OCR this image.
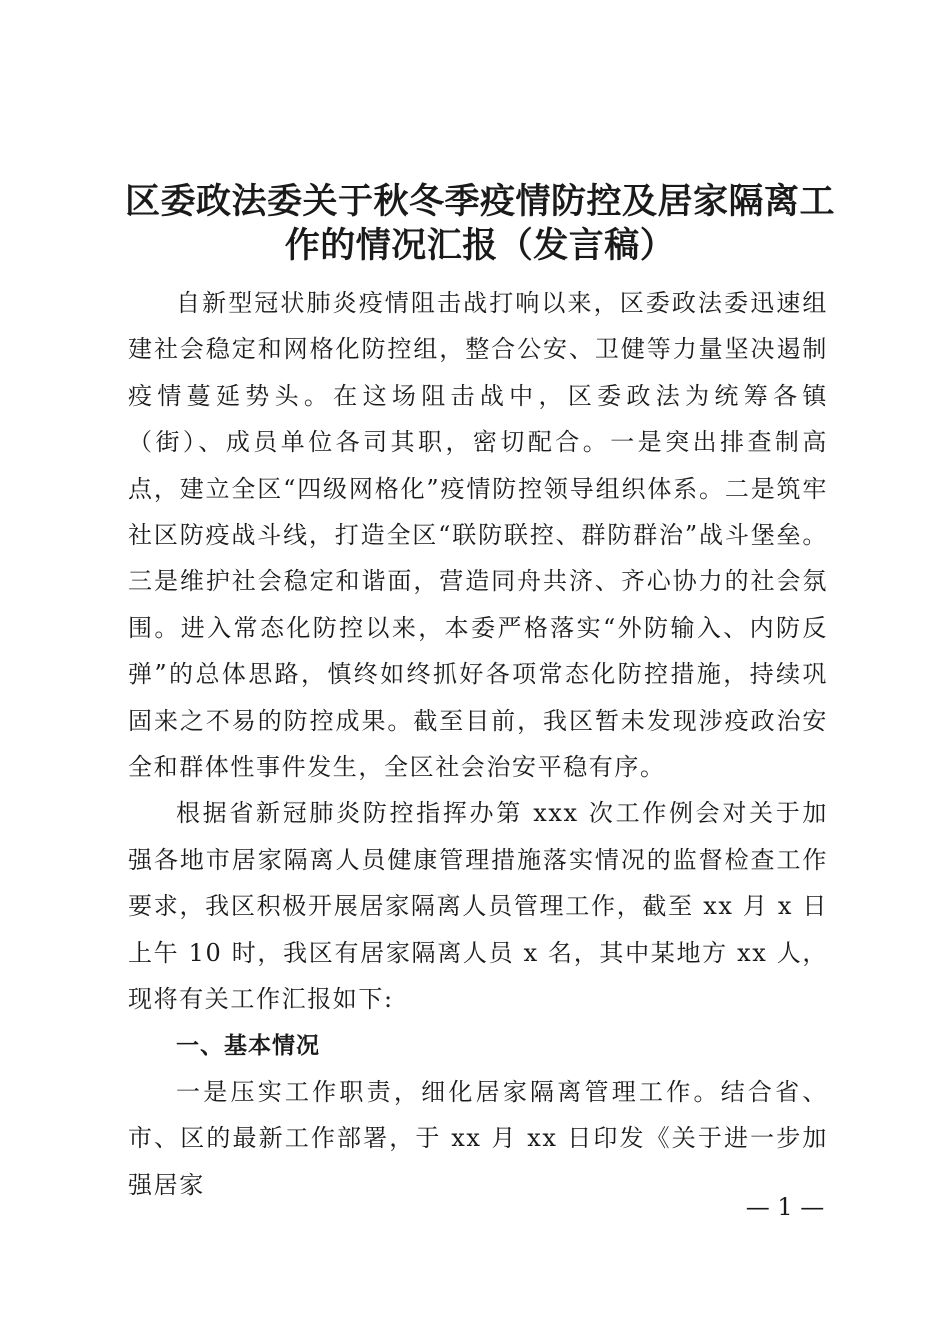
区委政法委关于秋冬季疫情防控及居家隔离工作的情况汇报（发言稿）

自新型冠状肺炎疫情阻击战打响以来，区委政法委迅速组建社会稳定和网格化防控组，整合公安、卫健等力量坚决遏制疫情蔓延势头。在这场阻击战中，区委政法为统筹各镇（街）、成员单位各司其职，密切配合。一是突出排查制高点，建立全区“四级网格化”疫情防控领导组织体系。二是筑牢社区防疫战斗线，打造全区“联防联控、群防群治”战斗堡垒。三是维护社会稳定和谐面，营造同舟共济、齐心协力的社会氛围。进入常态化防控以来，本委严格落实“外防输入、内防反弹”的总体思路，慎终如终抓好各项常态化防控措施，持续巩固来之不易的防控成果。截至目前，我区暂未发现涉疫政治安全和群体性事件发生，全区社会治安平稳有序。

根据省新冠肺炎防控指挥办第 xxx 次工作例会对关于加强各地市居家隔离人员健康管理措施落实情况的监督检查工作要求，我区积极开展居家隔离人员管理工作，截至 xx 月 x 日上午 10 时，我区有居家隔离人员 x 名，其中某地方 xx 人，现将有关工作汇报如下:

一、基本情况

一是压实工作职责，细化居家隔离管理工作。结合省、市、区的最新工作部署，于 xx 月 xx 日印发《关于进一步加强居家

— 1 —
